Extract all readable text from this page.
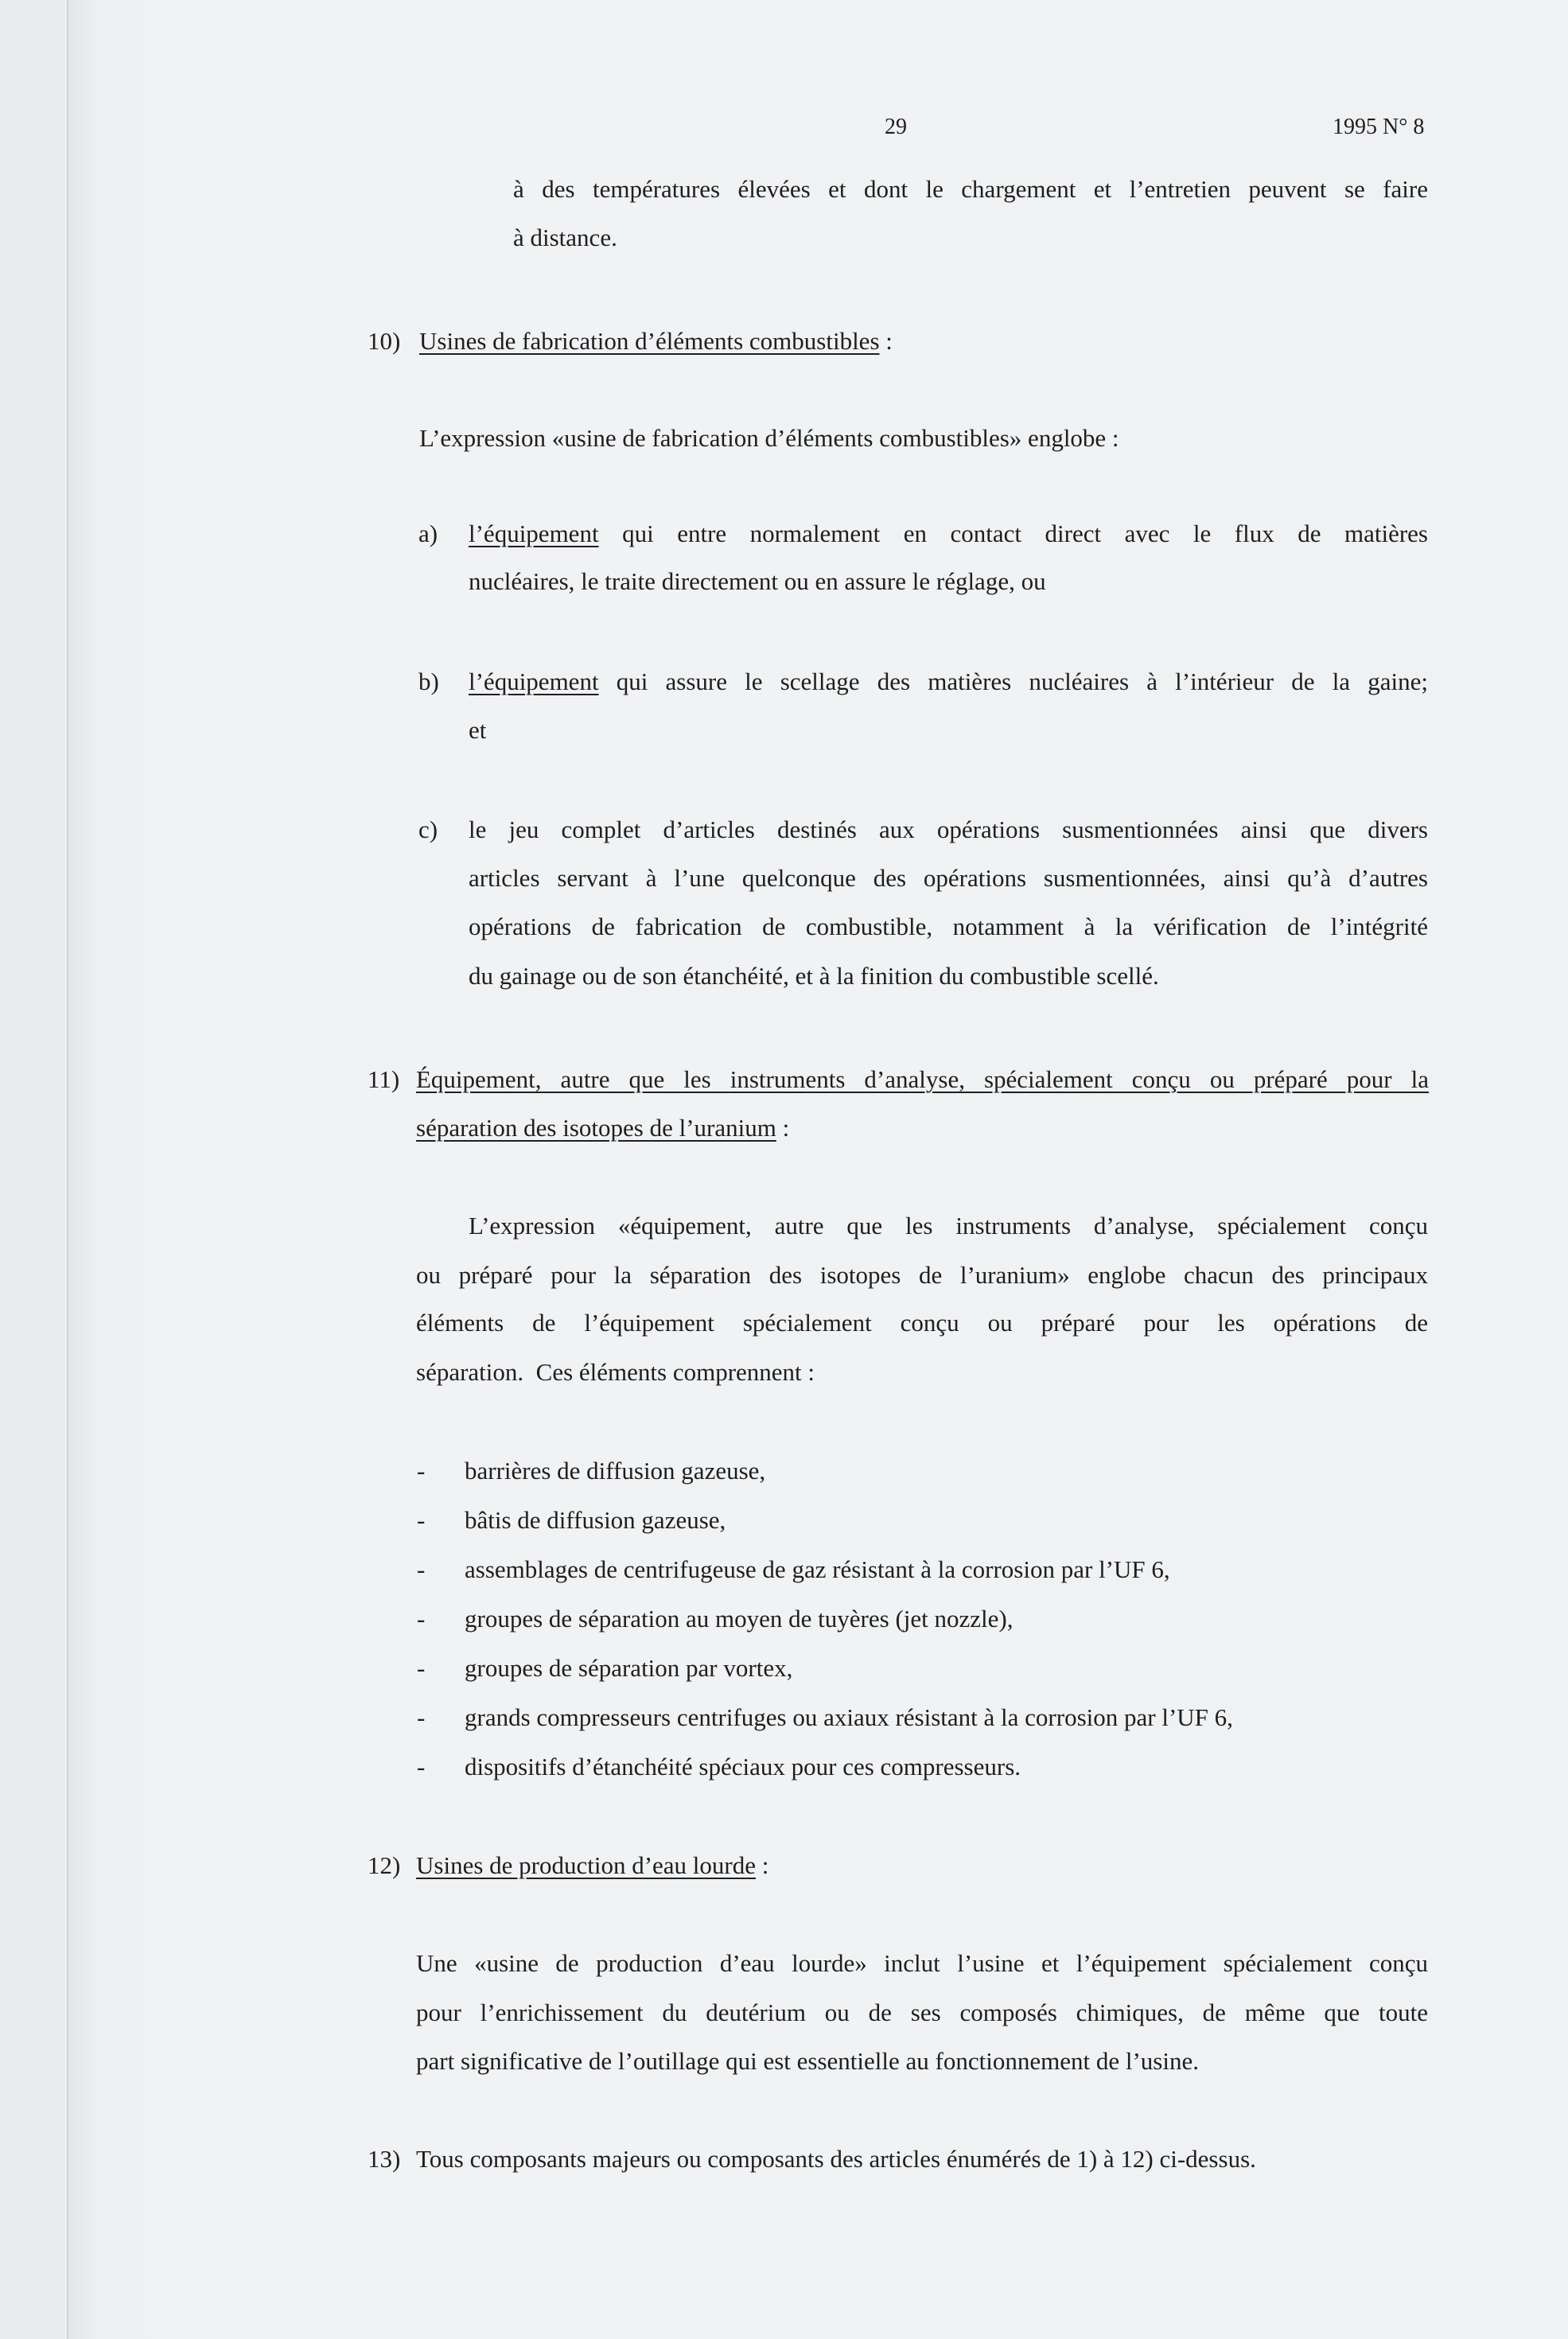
29	1995 N° 8
à des températures élevées et dont le chargement et l’entretien peuvent se faire
à distance.
10) Usines de fabrication d’éléments combustibles :
L’expression «usine de fabrication d’éléments combustibles» englobe :
a) l’équipement qui entre normalement en contact direct avec le flux de matières
nucléaires, le traite directement ou en assure le réglage, ou
b) l’équipement qui assure le scellage des matières nucléaires à l’intérieur de la gaine;
et
c) le jeu complet d’articles destinés aux opérations susmentionnées ainsi que divers
articles servant à l’une quelconque des opérations susmentionnées, ainsi qu’à d’autres
opérations de fabrication de combustible, notamment à la vérification de l’intégrité
du gainage ou de son étanchéité, et à la finition du combustible scellé.
11) Équipement, autre que les instruments d’analyse, spécialement conçu ou préparé pour la
séparation des isotopes de l’uranium :
L’expression «équipement, autre que les instruments d’analyse, spécialement conçu
ou préparé pour la séparation des isotopes de l’uranium» englobe chacun des principaux
éléments de l’équipement spécialement conçu ou préparé pour les opérations de
séparation.  Ces éléments comprennent :
- barrières de diffusion gazeuse,
- bâtis de diffusion gazeuse,
- assemblages de centrifugeuse de gaz résistant à la corrosion par l’UF 6,
- groupes de séparation au moyen de tuyères (jet nozzle),
- groupes de séparation par vortex,
- grands compresseurs centrifuges ou axiaux résistant à la corrosion par l’UF 6,
- dispositifs d’étanchéité spéciaux pour ces compresseurs.
12) Usines de production d’eau lourde :
Une «usine de production d’eau lourde» inclut l’usine et l’équipement spécialement conçu
pour l’enrichissement du deutérium ou de ses composés chimiques, de même que toute
part significative de l’outillage qui est essentielle au fonctionnement de l’usine.
13) Tous composants majeurs ou composants des articles énumérés de 1) à 12) ci-dessus.
